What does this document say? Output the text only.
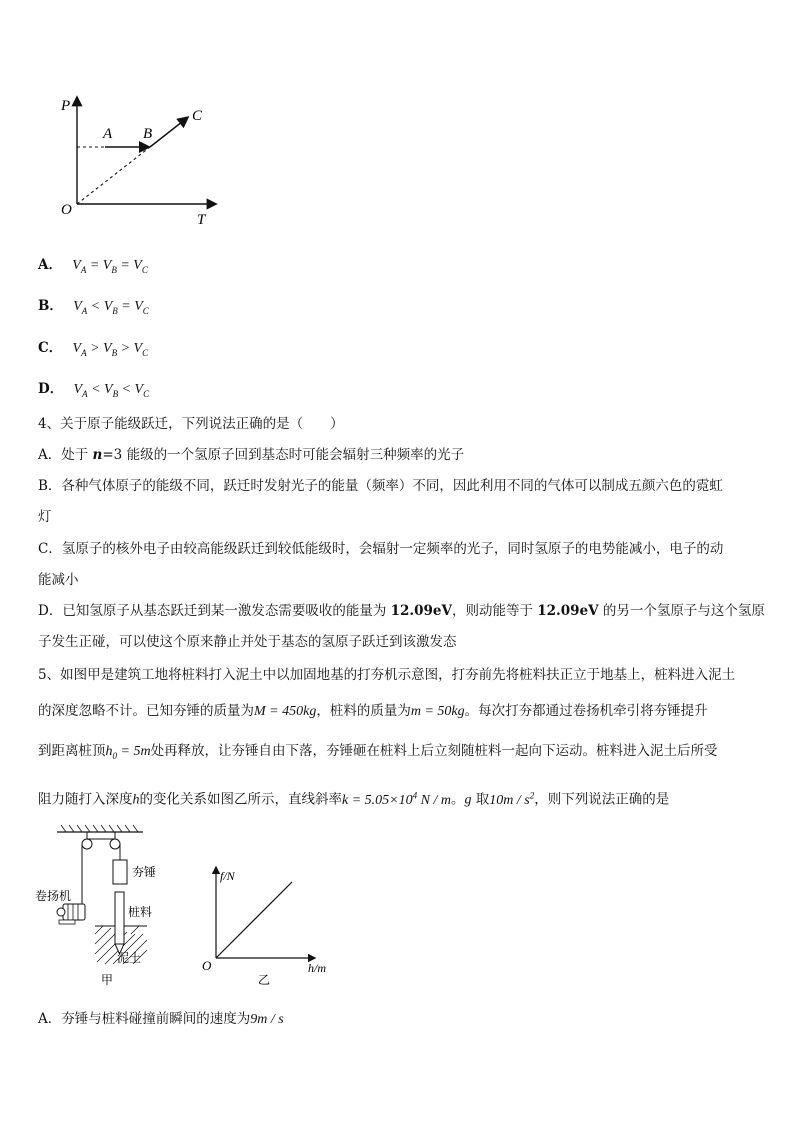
P
T
O
A B
C
A． $V_A = V_B = V_C$
B． $V_A < V_B = V_C$
C． $V_A > V_B > V_C$
D． $V_A < V_B < V_C$
4、关于原子能级跃迁，下列说法正确的是（　　）
A．处于 n=3 能级的一个氢原子回到基态时可能会辐射三种频率的光子
B．各种气体原子的能级不同，跃迁时发射光子的能量（频率）不同，因此利用不同的气体可以制成五颜六色的霓虹
灯
C．氢原子的核外电子由较高能级跃迁到较低能级时，会辐射一定频率的光子，同时氢原子的电势能减小，电子的动
能减小
D．已知氢原子从基态跃迁到某一激发态需要吸收的能量为 12.09eV，则动能等于 12.09eV 的另一个氢原子与这个氢原
子发生正碰，可以使这个原来静止并处于基态的氢原子跃迁到该激发态
5、如图甲是建筑工地将桩料打入泥土中以加固地基的打夯机示意图，打夯前先将桩料扶正立于地基上，桩料进入泥土
的深度忽略不计。已知夯锤的质量为M = 450kg，桩料的质量为m = 50kg。每次打夯都通过卷扬机牵引将夯锤提升
到距离桩顶$h_0 = 5m$处再释放，让夯锤自由下落，夯锤砸在桩料上后立刻随桩料一起向下运动。桩料进入泥土后所受
阻力随打入深度h的变化关系如图乙所示，直线斜率$k = 5.05\times 10^4$ N / m。g 取$10m / s^2$，则下列说法正确的是
卷扬机
夯锤
桩料
泥土
甲
f/N
h/m
O
乙
A．夯锤与桩料碰撞前瞬间的速度为9m / s
